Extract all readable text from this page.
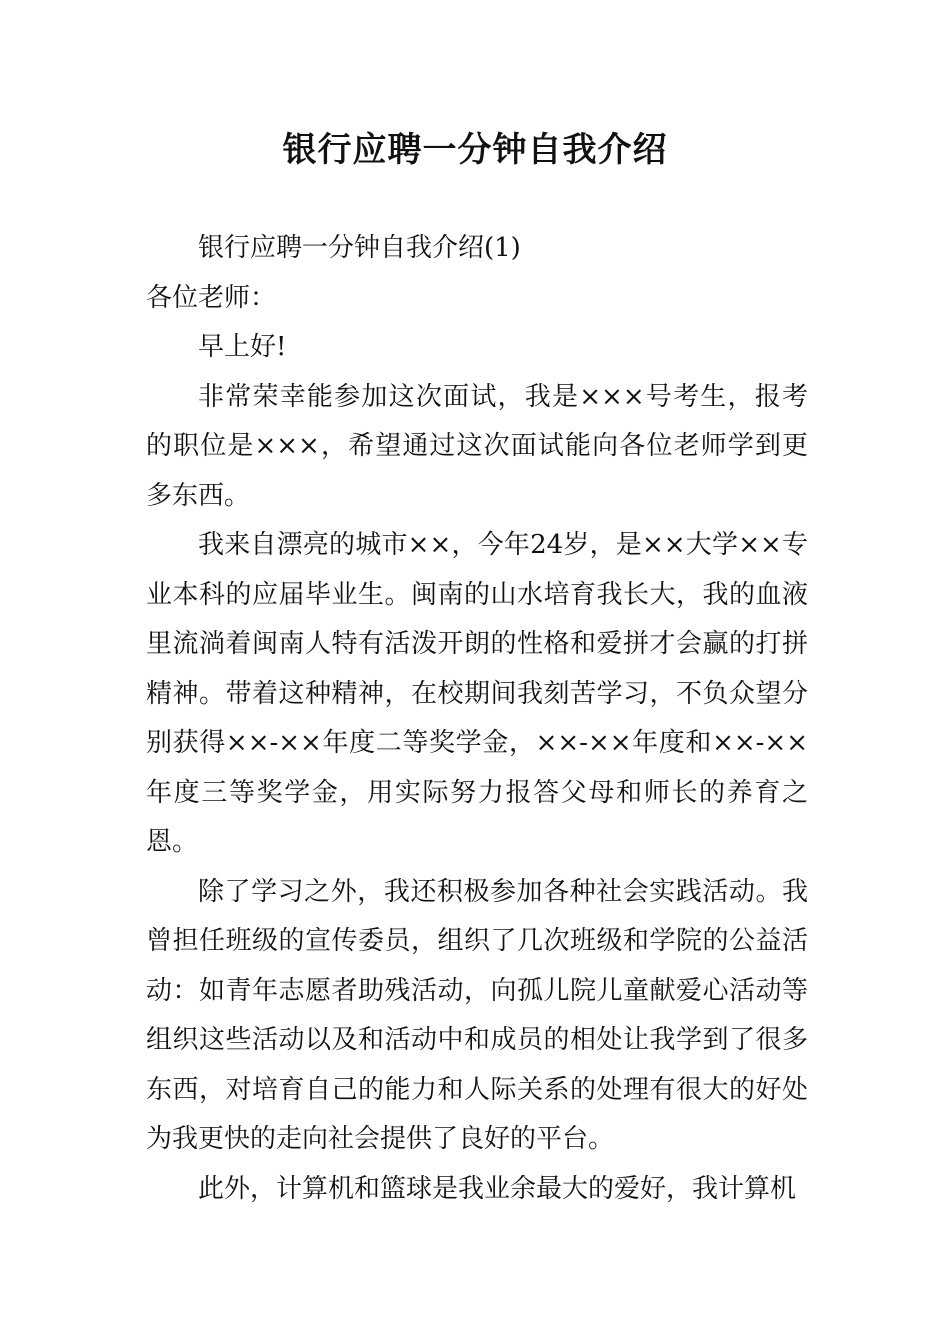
银行应聘一分钟自我介绍

银行应聘一分钟自我介绍(1)

各位老师：

早上好!

非常荣幸能参加这次面试，我是×××号考生，报考的职位是×××，希望通过这次面试能向各位老师学到更多东西。

我来自漂亮的城市××，今年24岁，是××大学××专业本科的应届毕业生。闽南的山水培育我长大，我的血液里流淌着闽南人特有活泼开朗的性格和爱拼才会赢的打拼精神。带着这种精神，在校期间我刻苦学习，不负众望分别获得××-××年度二等奖学金，××-××年度和××-××年度三等奖学金，用实际努力报答父母和师长的养育之恩。

除了学习之外，我还积极参加各种社会实践活动。我曾担任班级的宣传委员，组织了几次班级和学院的公益活动：如青年志愿者助残活动，向孤儿院儿童献爱心活动等组织这些活动以及和活动中和成员的相处让我学到了很多东西，对培育自己的能力和人际关系的处理有很大的好处为我更快的走向社会提供了良好的平台。

此外，计算机和篮球是我业余最大的爱好，我计算机
